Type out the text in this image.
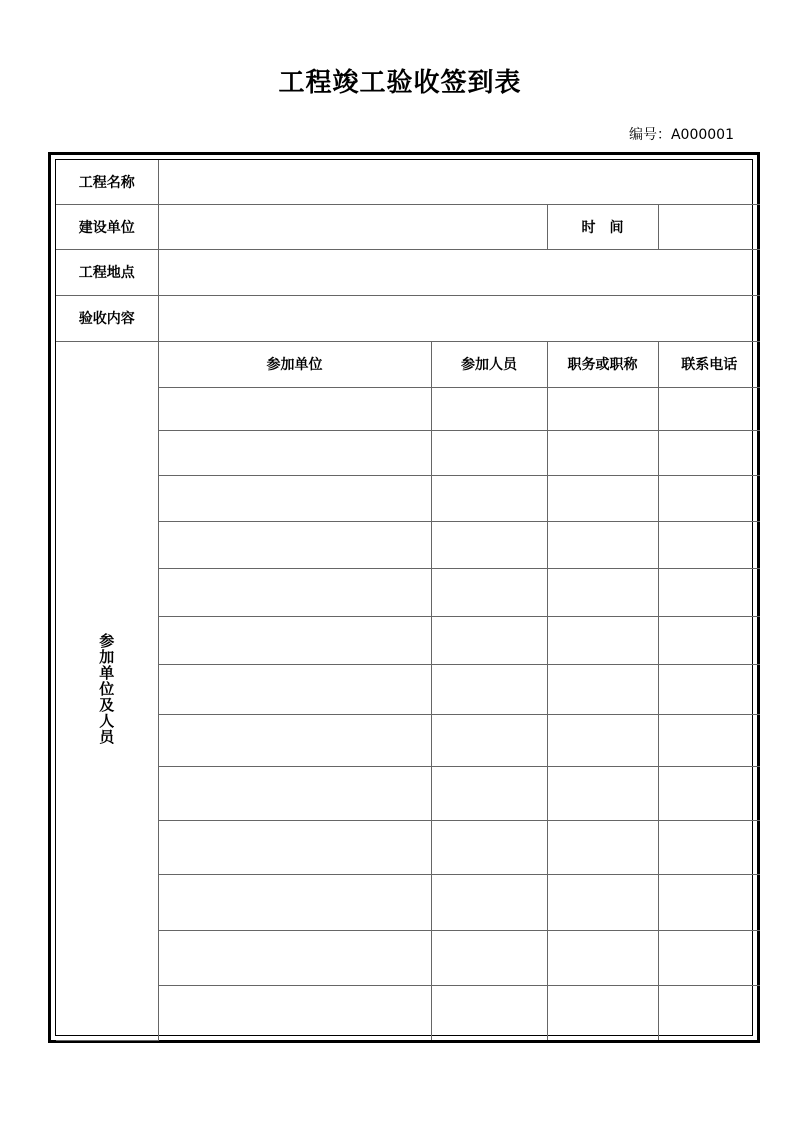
工程竣工验收签到表
编号：A000001
工程名称				
建设单位			时　间	
工程地点				
验收内容				
参加单位及人员	参加单位	参加人员	职务或职称	联系电话
